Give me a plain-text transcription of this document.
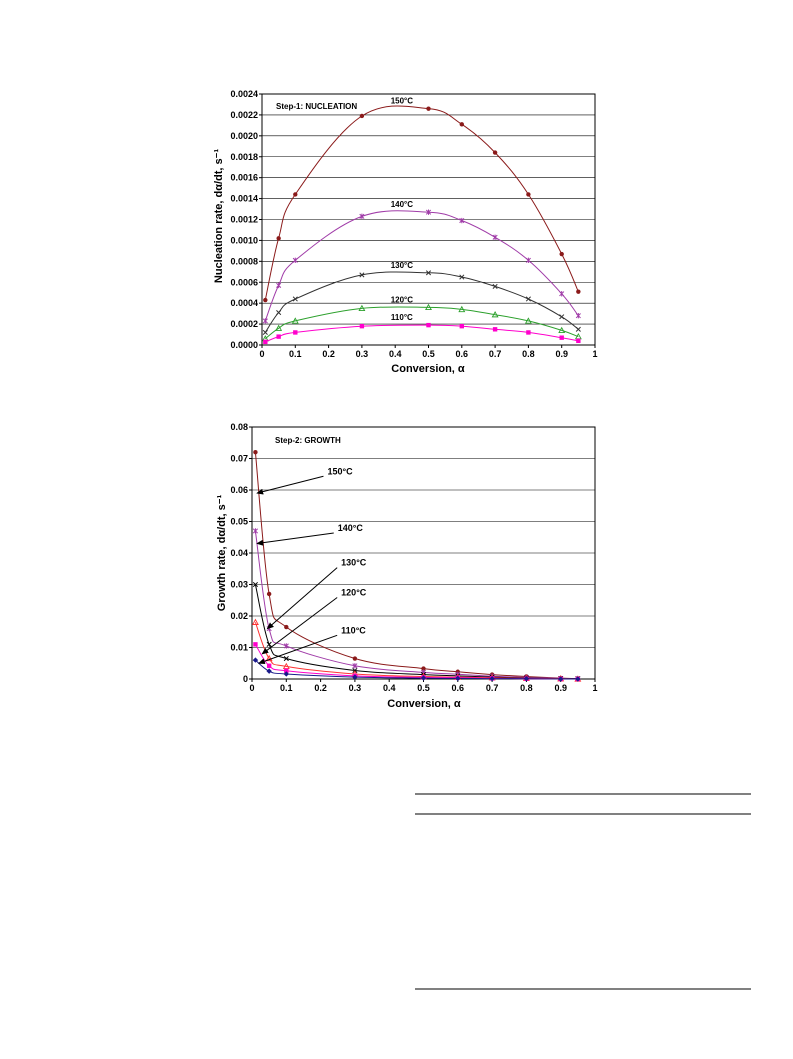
0	0.1 0.2 0.3 0.4 0.5 0.6 0.7 0.8 0.9	1
0.0000
0.0002
0.0004
0.0006
0.0008
0.0010
0.0012
0.0014
0.0016
0.0018
0.0020
0.0022
0.0024
150°C
140°C
130°C
120°C
110°C
Step-1: NUCLEATION
Conversion, α
Nucleation rate, dα/dt, s⁻¹
0	0.1 0.2 0.3 0.4 0.5 0.6 0.7 0.8 0.9	1
0
0.01
0.02
0.03
0.04
0.05
0.06
0.07
0.08
150°C
140°C
130°C
120°C
110°C
Step-2: GROWTH
Conversion, α
Growth rate, dα/dt, s⁻¹
